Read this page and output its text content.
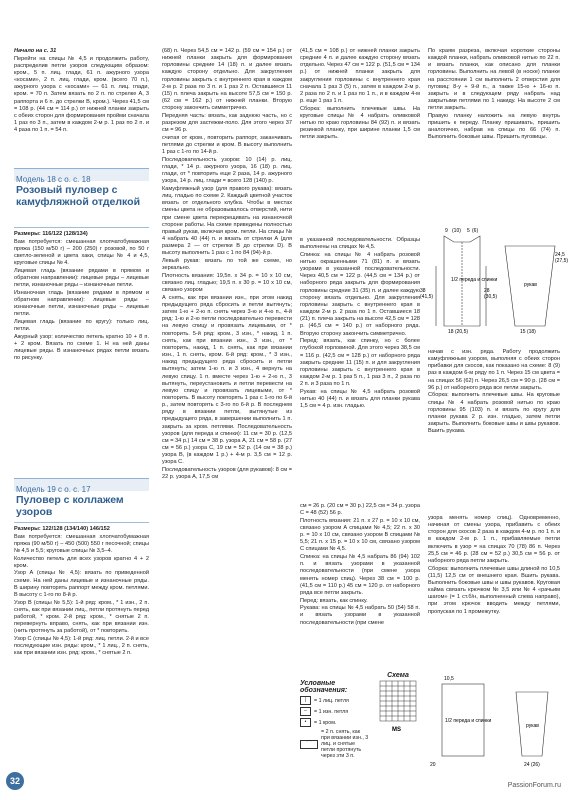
Начало на с. 31

Перейти на спицы № 4,5 и продолжить работу, распределив петли узоров следующим образом: кром., 5 п. лиц. глади, 61 п. ажурного узора «косами», 2 п. лиц. глади, кром. (всего 70 п.), ажурного узора с «косами» — 61 п. лиц. глади, кром. = 70 п. Затем вязать по 2 п. по стрелке А, 3 раппорта и 6 п. до стрелки В, кром.). Через 41,5 см = 108 р. (44 см = 114 р.) от нижней планки закрыть с обеих сторон для формирования пройми сначала 1 раз по 3 п., затем в каждом 2-м р. 1 раз по 2 п. и 4 раза по 1 п. = 54 п.

Модель 18 с о. с. 18
Розовый пуловер с камуфляжной отделкой

Размеры: 116/122 (128/134)

Вам потребуется: смешанная хлопчатобумажная пряжа (150 м/50 г) – 200 (250) г розовой, по 50 г светло-зеленой и цвета хаки, спицы № 4 и 4,5, круговые спицы № 4.

Лицевая гладь (вязание рядами в прямом и обратном направлении): лицевые ряды – лицевые петли, изнаночные ряды – изнаночные петли.

Изнаночная гладь (вязание рядами в прямом и обратном направлении): лицевые ряды – изнаночные петли, изнаночные ряды – лицевые петли.

Лицевая гладь (вязание по кругу): только лиц. петли.

Ажурный узор: количество петель кратно 10 + 8 п. + 2 кром. Вязать по схеме 1. Н на ней даны лицевые ряды. В изнаночных рядах петли вязать по рисунку.

Модель 19 с о. с. 17
Пуловер с коллажем узоров

Размеры: 122/128 (134/140) 146/152

Вам потребуется: смешанная хлопчатобумажная пряжа (90 м/50 г) – 450 (500) 550 г песочной; спицы № 4,5 и 5,5; круговые спицы № 3,5–4.

Количество петель для всех узоров кратно 4 + 2 кром.

Узор А (спицы № 4,5): вязать по приведенной схеме. На ней даны лицевые и изнаночные ряды. В ширину повторять раппорт между кром. петлями. В высоту с 1-го по 8-й р.

Узор В (спицы № 5,5): 1-й ряд: кром., * 1 изн., 2 п. снять, как при вязании лиц., петли протянуть перед работой, * кром. 2-й ряд: кром., * снятые 2 п. перевернуть вправо, снять, как при вязании изн. (нить протянуть за работой), от * повторить.

Узор С (спицы № 4,5): 1-й ряд: лиц. петли. 2-й и все последующие изн. ряды: кром., * 1 лиц., 2 п. снять, как при вязании изн. ряд: кром., * снятые 2 п.

(68) п. Через 54,5 см = 142 р. (59 см = 154 р.) от нижней планки закрыть для формирования горловины средние 14 (18) п. и далее вязать каждую сторону отдельно. Для закругления горловины закрыть с внутреннего края в каждом 2-м р. 2 раза по 3 п. и 1 раз 2 п. Оставшиеся 11 (15) п. плеча закрыть на высоте 57,5 см = 150 р. (62 см = 162 р.) от нижней планки. Вторую сторону закончить симметрично.

Передняя часть: вязать, как заднюю часть, но с разрезом для застежки-поло. Для этого через 37 см = 96 р.

считая от кром., повторить раппорт, заканчивать петлями до стрелки и кром. В высоту выполнить 1 раз с 1-го по 14-й р.

Последовательность узоров: 10 (14) р. лиц. глади, * 14 р. ажурного узора, 16 (18) р. лиц. глади, от * повторить еще 2 раза, 14 р. ажурного узора, 14 р. лиц. глади = всего 128 (140) р.

Камуфляжный узор (для правого рукава): вязать лиц. гладью по схеме 2. Каждый цветной участок вязать от отдельного клубка. Чтобы в местах смены цвета не образовывалось отверстий, нити при смене цвета перекрещивать на изнаночной стороне работы. На схеме приведены полностью правый рукав, включая кром. петли. На спицы № 4 набрать 40 (44) п. и вязать от стрелки А (для размера 2 — от стрелки В до стрелки D). В высоту выполнить 1 раз с 1 по 84 (94)-й р.

Левый рукав: вязать по той же схеме, но зеркально.

Плотность вязания: 19,5п. х 34 р. = 10 х 10 см, связано лиц. гладью; 19,5 п. х 30 р. = 10 х 10 см, связано узором

А снять, как при вязании изн., при этом накид предыдущего ряда сбросить и петли вытянуть; затем 1-ю + 2-ю п. снять через 3-ю и 4-ю п., 4-й ряд: 1-ю и 2-ю петли последовательно перевести на левую спицу и провязать лицевыми, от * повторить. 5-й ряд: кром., 3 изн., * накид, 1 п. снять, как при вязании изн., 3 изн., от * повторить, накид, 1 п. снять, как при вязании изн., 1 п. снять, кром. 6-й ряд: кром., * 3 изн., накид предыдущего ряда сбросить и петли вытянуть; затем 1-ю п. и 3 изн., 4 вернуть на левую спицу. 1 п. вместе через 1-ю + 2-ю п., 3 вытянуть, переустановить и петли перевести на левую спицу и провязать лицевыми, от * повторить. В высоту повторять 1 раз с 1-го по 6-й р., затем повторять с 3-го по 6-й р. В последнем ряду в вязании петли, вытянутые из предыдущего ряда, в завершении выполнить 1 п. закрыть за кром. петлями. Последовательность узоров (для переда и спинки): 11 см = 30 р. (12,5 см = 34 р.) 14 см = 38 р. узора А, 21 см = 58 р. (27 см = 56 р.) узора С, 19 см = 52 р. (14 см = 38 р.) узора В, (в каждом 1 р.) + 4-м р. 3,5 см = 12 р. узора С.

Последовательность узоров (для рукавов): 8 см = 22 р. узора А, 17,5 см

(41,5 см = 108 р.) от нижней планки закрыть средние 4 п. и далее каждую сторону вязать отдельно. Через 47 см = 122 р. (51,5 см = 134 р.) от нижней планки закрыть для закругления горловины с внутреннего края сначала 1 раз 3 (5) п., затем в каждом 2-м р. 2 раза по 2 п. и 1 раз по 1 п., и в каждом 4-м р. еще 1 раз 1 п.

Сборка: выполнить плечевые швы. На круговые спицы № 4 набрать оливковой нитью по краю горловины 84 (92) п. и вязать резинкой планку, при ширине планки 1,5 см петли закрыть.

в указанной последовательности. Образцы выполнены на спицах № 4,5.

Спинка: на спицы № 4 набрать розовой нитью окрашенными 71 (81) п. и вязать узорами в указанной последовательности. Через 40,5 см = 122 р. (44,5 см = 134 р.) от наборного ряда закрыть для формирования горловины средние 31 (35) п. и далее каждую сторону вязать отдельно. Для закругления горловины закрыть с внутреннего края в каждом 2-м р. 2 раза по 1 п. Оставшиеся 18 (21) п. плеча закрыть на высоте 42,5 см = 128 р. (46,5 см = 140 р.) от наборного ряда. Вторую сторону закончить симметрично.

Перед: вязать, как спинку, но с более глубокой горловиной. Для этого через 38,5 см = 116 р. (42,5 см = 128 р.) от наборного ряда закрыть средние 11 (15) п. и для закругления горловины закрыть с внутреннего края в каждом 2-м р. 1 раз 5 п., 1 раз 3 п., 2 раза по 2 п. и 3 раза по 1 п.

Рукав: на спицы № 4,5 набрать розовой нитью 40 (44) п. и вязать для планки рукава 1,5 см = 4 р. изн. гладью.

см = 26 р. (20 см = 30 р.) 22,5 см = 34 р. узора С = 48 (52) 56 р.

Плотность вязания: 21 п. х 27 р. = 10 х 10 см, связано узором А спицами № 4,5; 22 п. х 30 р. = 10 х 10 см, связано узором В спицами № 5,5; 21 п. х 15 р. = 10 х 10 см, связано узором С спицами № 4,5.

Спинка: на спицы № 4,5 набрать 86 (94) 102 п. и вязать узорами в указанной последовательности (при смене узора менять номер спиц). Через 38 см = 100 р. (41,5 см = 110 р.) 45 см = 120 р. от наборного ряда все петли закрыть.

Перед: вязать, как спинку.

Рукава: на спицы № 4,5 набрать 50 (54) 58 п. и вязать узорами в указанной последовательности (при смене

Условные обозначения:
|	= 1 лиц. петля
–	= 1 изн. петля
•	= 1 кром.
⌒
= 2 п. снять, как при вязании изн., 3 лиц. и снятые петли протянуть через эти 3 п.
Схема
MS

По краям разреза, включая короткие стороны каждой планки, набрать оливковой нитью по 22 п. и вязать планки, как описано для планки горловины. Выполнить на левой (в носке) планке на расстоянии 1 см выполнить 2 отверстия для пуговиц: 8-у + 9-й п., а также 15-ю + 16-ю п. закрыть и в следующем ряду набрать над закрытыми петлями по 1 накиду. На высоте 2 см петли закрыть.

Правую планку наложить на левую внутрь пришить к переду. Планку пришивать, пришить аналогично, набрав на спицы по 66 (74) п. Выполнить боковые швы. Пришить пуговицы.

начав с изн. ряда. Работу продолжить камуфляжным узором, выполняя с обеих сторон прибавки для скосов, как показано на схеме: 8 (9) раз в каждом 6-м ряду по 1 п. Через 15 см цвета = на спицах 56 (62) п. Через 26,5 см = 90 р. (28 см = 96 р.) от наборного ряда все петли закрыть.

Сборка: выполнить плечевые швы. На круговые спицы № 4 набрать розовой нитью по краю горловины 95 (103) п. и вязать по кругу для планки рукава 2 р. изн. гладью, затем петли закрыть. Выполнить боковые швы и швы рукавов. Вшить рукава.

узора менять номер спиц). Одновременно, начиная от смены узора, прибавить с обеих сторон для скосов 2 раза в каждом 4-м р. по 1 п. и в каждом 2-м р. 1 п., прибавляемые петли включить в узор = на спицах 70 (78) 86 п. Через 25,5 см = 46 р. (28 см = 52 р.) 30,5 см = 56 р. от наборного ряда петли закрыть.

Сборка: выполнить плечевые швы длиной по 10,5 (11,5) 12,5 см от внешнего края. Вшить рукава. Выполнить боковые швы и швы рукавов. Круговая кайма связать крючком № 3,5 или № 4 «рачьим шагом» (= 1 ст.б/н, выполненный слева направо), при этом крючок вводить между петлями, пропуская по 1 промежутку.

9 (10) 5 (6)
1/2 переда и спинки
38
(41,5)
28
(30,5)
18 (20,5)
24,5
(27,5)
рукав
15 (18)
10,5
1/2 переда и спинки
20
рукав
24 (26)
32	PassionForum.ru
